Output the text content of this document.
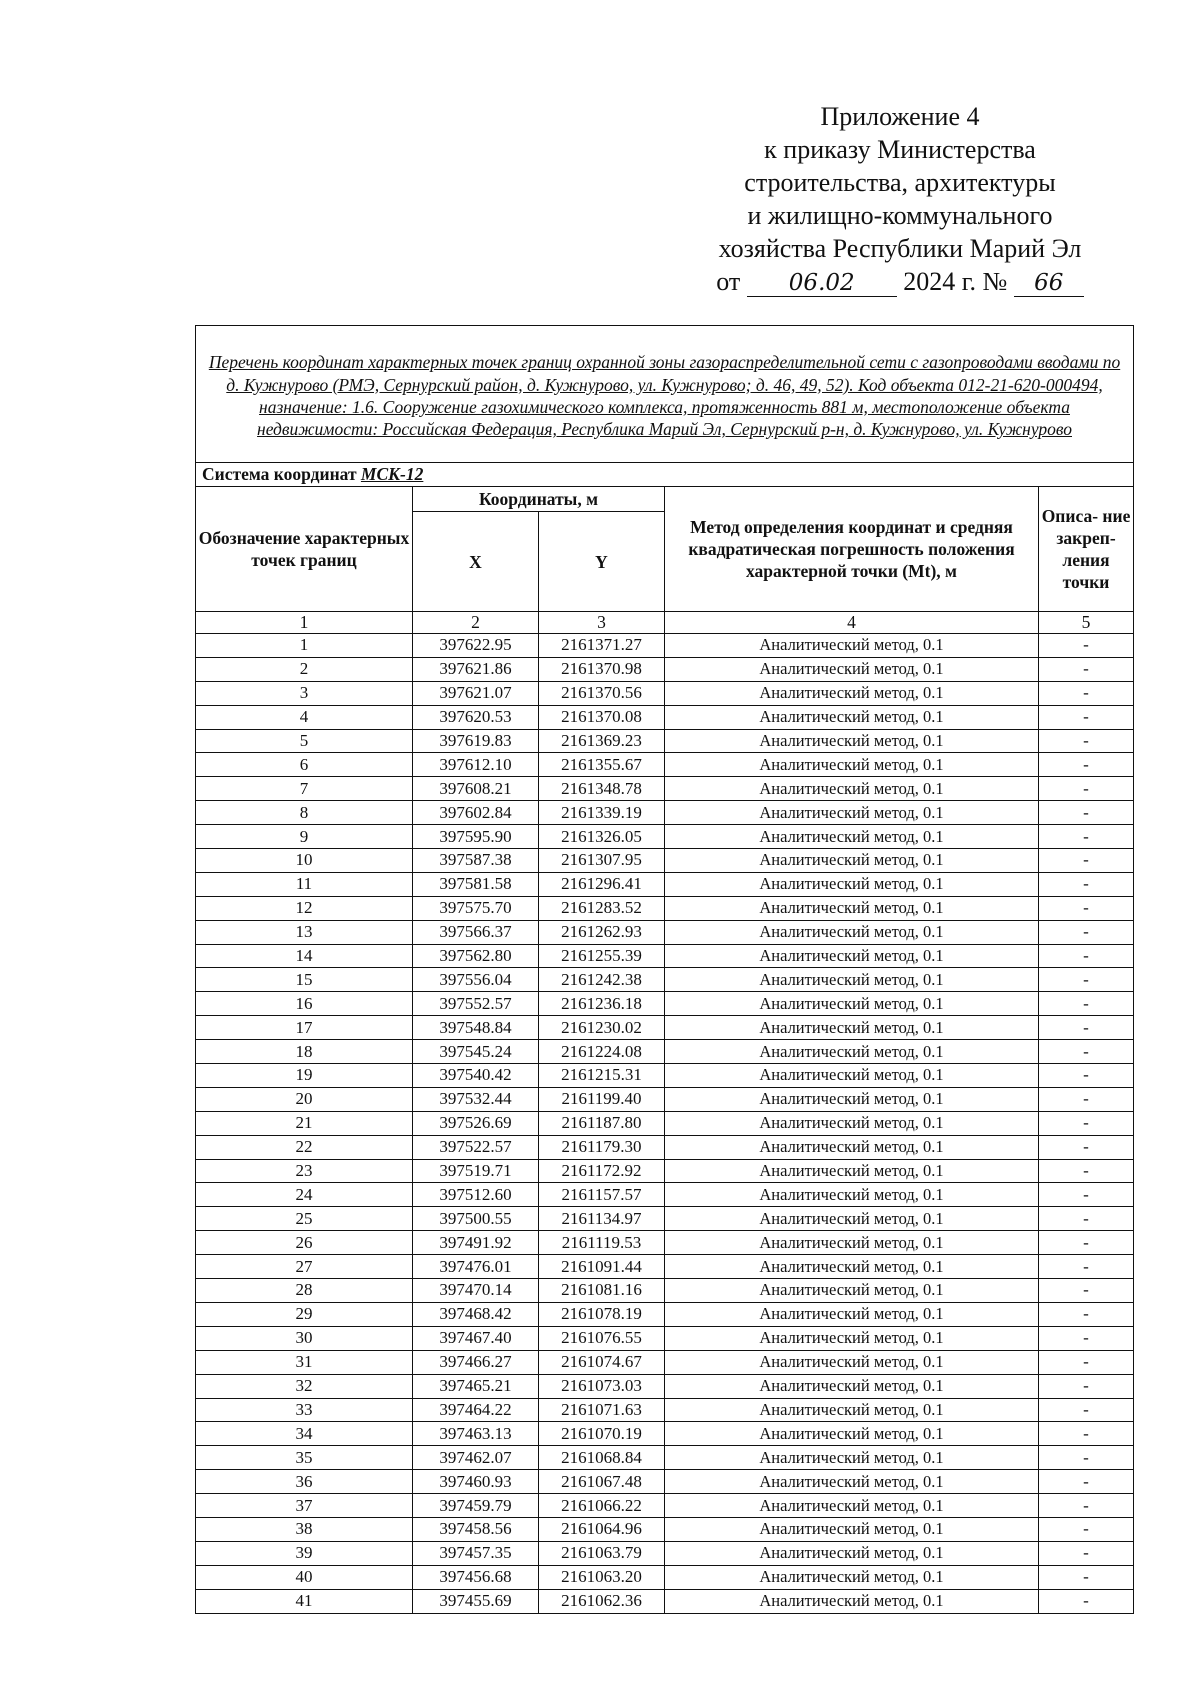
Приложение 4
к приказу Министерства
строительства, архитектуры
и жилищно-коммунального
хозяйства Республики Марий Эл
от 06.02 2024 г. № 66
Перечень координат характерных точек границ охранной зоны газораспределительной сети с газопроводами вводами по д. Кужнурово (РМЭ, Сернурский район, д. Кужнурово, ул. Кужнурово; д. 46, 49, 52). Код объекта 012-21-620-000494, назначение: 1.6. Сооружение газохимического комплекса, протяженность 881 м, местоположение объекта недвижимости: Российская Федерация, Республика Марий Эл, Сернурский р-н, д. Кужнурово, ул. Кужнурово				
Система координат МСК-12				
Обозначение характерных точек границ	Координаты, м		Метод определения координат и средняя квадратическая погрешность положения характерной точки (Mt), м	Описа- ние закреп- ления точки
	X	Y		
1	2	3	4	5
1	397622.95	2161371.27	Аналитический метод, 0.1	-
2	397621.86	2161370.98	Аналитический метод, 0.1	-
3	397621.07	2161370.56	Аналитический метод, 0.1	-
4	397620.53	2161370.08	Аналитический метод, 0.1	-
5	397619.83	2161369.23	Аналитический метод, 0.1	-
6	397612.10	2161355.67	Аналитический метод, 0.1	-
7	397608.21	2161348.78	Аналитический метод, 0.1	-
8	397602.84	2161339.19	Аналитический метод, 0.1	-
9	397595.90	2161326.05	Аналитический метод, 0.1	-
10	397587.38	2161307.95	Аналитический метод, 0.1	-
11	397581.58	2161296.41	Аналитический метод, 0.1	-
12	397575.70	2161283.52	Аналитический метод, 0.1	-
13	397566.37	2161262.93	Аналитический метод, 0.1	-
14	397562.80	2161255.39	Аналитический метод, 0.1	-
15	397556.04	2161242.38	Аналитический метод, 0.1	-
16	397552.57	2161236.18	Аналитический метод, 0.1	-
17	397548.84	2161230.02	Аналитический метод, 0.1	-
18	397545.24	2161224.08	Аналитический метод, 0.1	-
19	397540.42	2161215.31	Аналитический метод, 0.1	-
20	397532.44	2161199.40	Аналитический метод, 0.1	-
21	397526.69	2161187.80	Аналитический метод, 0.1	-
22	397522.57	2161179.30	Аналитический метод, 0.1	-
23	397519.71	2161172.92	Аналитический метод, 0.1	-
24	397512.60	2161157.57	Аналитический метод, 0.1	-
25	397500.55	2161134.97	Аналитический метод, 0.1	-
26	397491.92	2161119.53	Аналитический метод, 0.1	-
27	397476.01	2161091.44	Аналитический метод, 0.1	-
28	397470.14	2161081.16	Аналитический метод, 0.1	-
29	397468.42	2161078.19	Аналитический метод, 0.1	-
30	397467.40	2161076.55	Аналитический метод, 0.1	-
31	397466.27	2161074.67	Аналитический метод, 0.1	-
32	397465.21	2161073.03	Аналитический метод, 0.1	-
33	397464.22	2161071.63	Аналитический метод, 0.1	-
34	397463.13	2161070.19	Аналитический метод, 0.1	-
35	397462.07	2161068.84	Аналитический метод, 0.1	-
36	397460.93	2161067.48	Аналитический метод, 0.1	-
37	397459.79	2161066.22	Аналитический метод, 0.1	-
38	397458.56	2161064.96	Аналитический метод, 0.1	-
39	397457.35	2161063.79	Аналитический метод, 0.1	-
40	397456.68	2161063.20	Аналитический метод, 0.1	-
41	397455.69	2161062.36	Аналитический метод, 0.1	-
